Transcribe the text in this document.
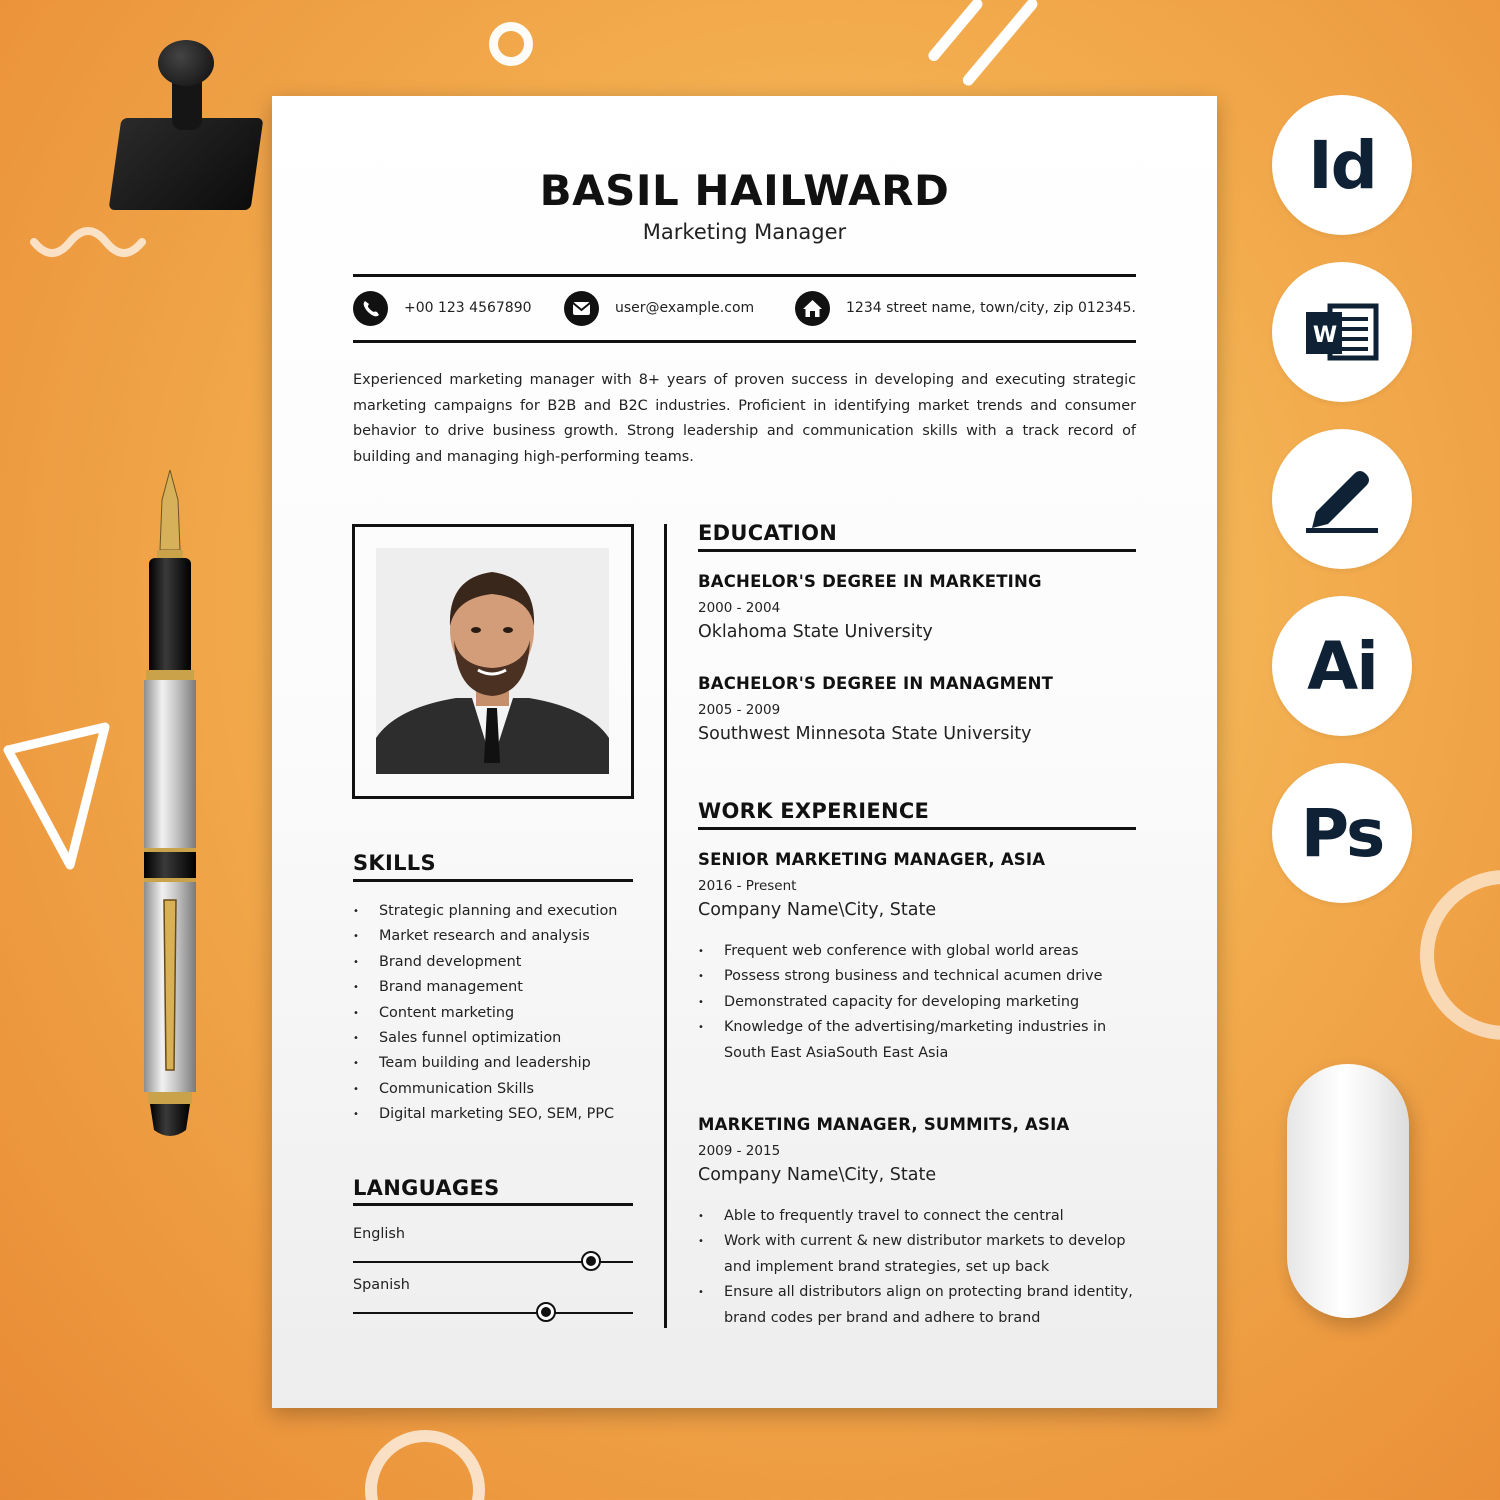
Id
W
Ai
Ps
BASIL HAILWARD
Marketing Manager
+00 123 4567890	user@example.com	1234 street name, town/city, zip 012345.

Experienced marketing manager with 8+ years of proven success in developing and executing strategic marketing campaigns for B2B and B2C industries. Proficient in identifying market trends and consumer behavior to drive business growth. Strong leadership and communication skills with a track record of building and managing high-performing teams.

SKILLS
• Strategic planning and execution
• Market research and analysis
• Brand development
• Brand management
• Content marketing
• Sales funnel optimization
• Team building and leadership
• Communication Skills
• Digital marketing SEO, SEM, PPC
LANGUAGES
English
Spanish
EDUCATION
BACHELOR'S DEGREE IN MARKETING
2000 - 2004
Oklahoma State University
BACHELOR'S DEGREE IN MANAGMENT
2005 - 2009
Southwest Minnesota State University
WORK EXPERIENCE
SENIOR MARKETING MANAGER, ASIA
2016 - Present
Company Name\City, State
• Frequent web conference with global world areas
• Possess strong business and technical acumen drive
• Demonstrated capacity for developing marketing
• Knowledge of the advertising/marketing industries in South East AsiaSouth East Asia
MARKETING MANAGER, SUMMITS, ASIA
2009 - 2015
Company Name\City, State
• Able to frequently travel to connect the central
• Work with current & new distributor markets to develop and implement brand strategies, set up back
• Ensure all distributors align on protecting brand identity, brand codes per brand and adhere to brand
